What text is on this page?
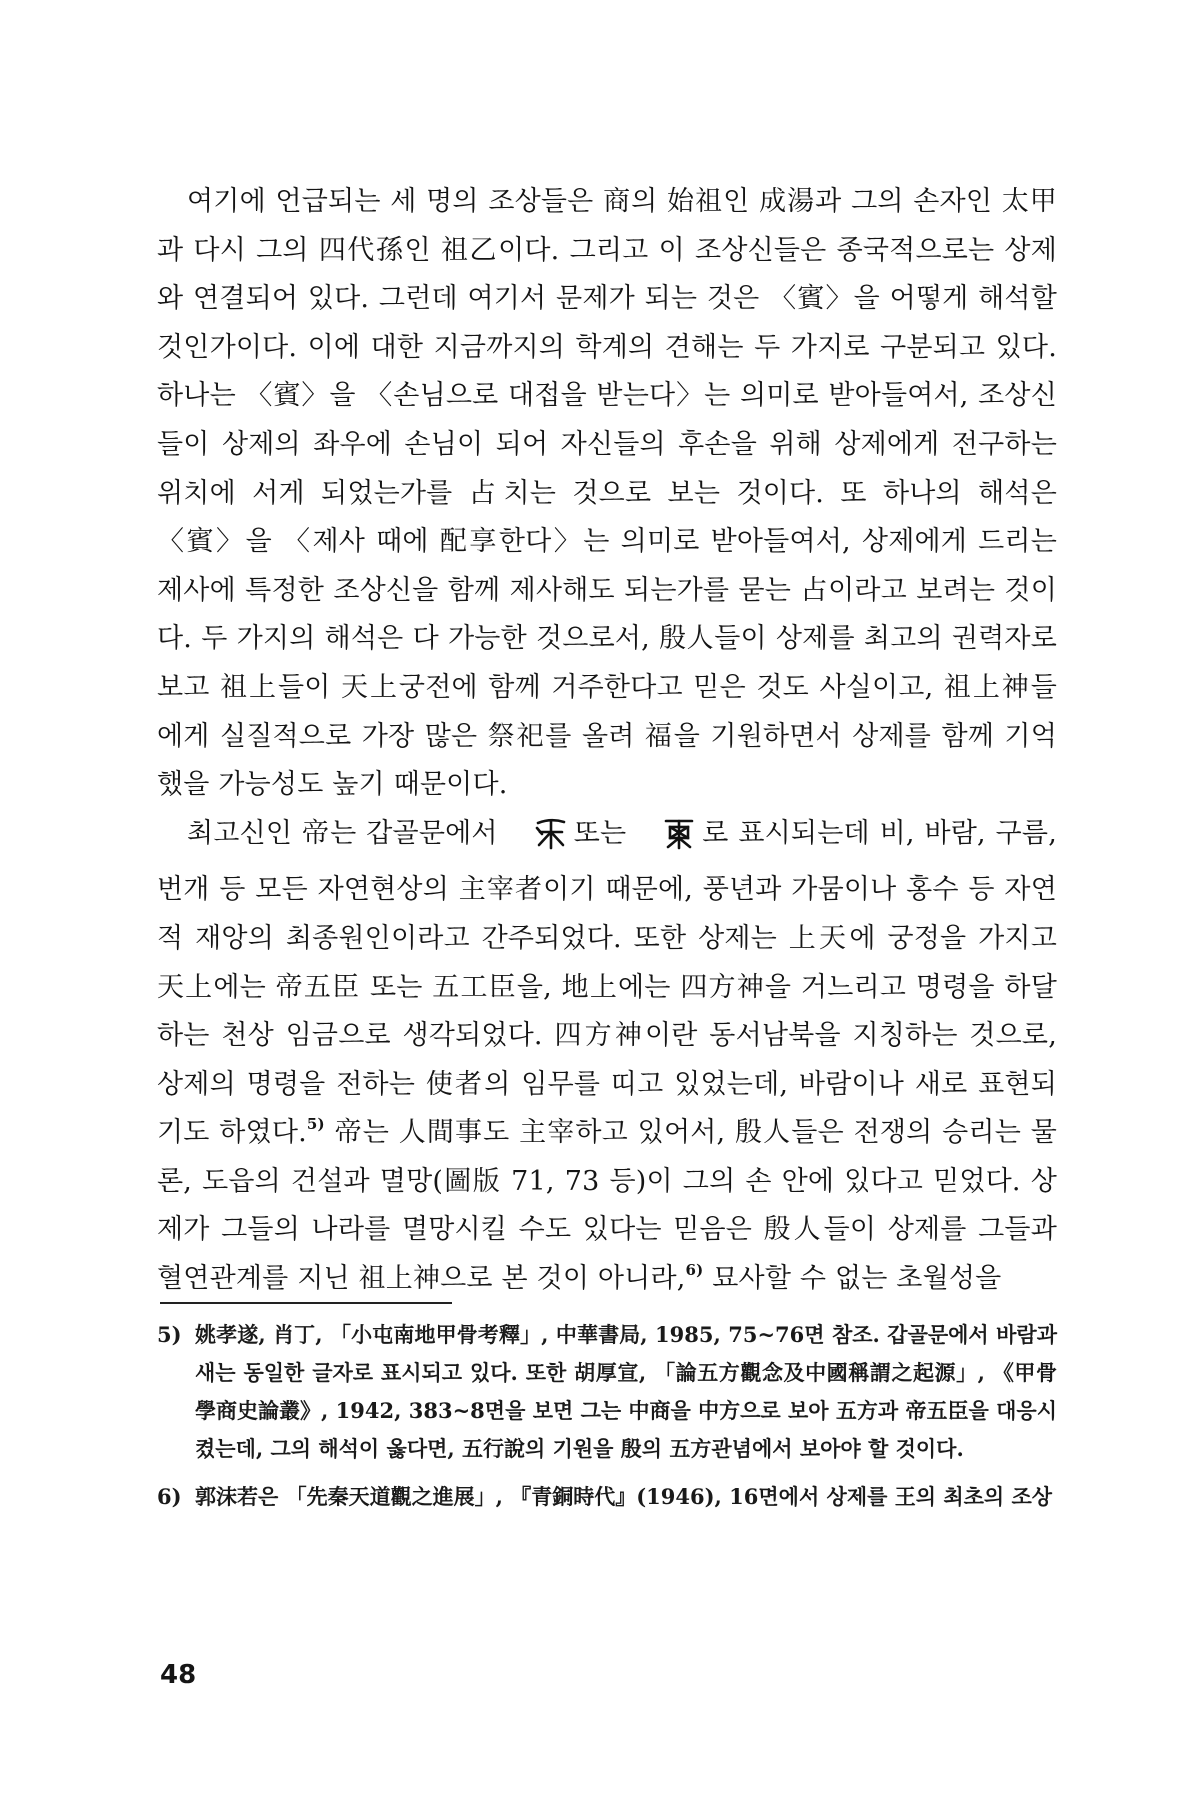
여기에 언급되는 세 명의 조상들은 商의 始祖인 成湯과 그의 손자인 太甲과 다시 그의 四代孫인 祖乙이다. 그리고 이 조상신들은 종국적으로는 상제와 연결되어 있다. 그런데 여기서 문제가 되는 것은 〈賓〉을 어떻게 해석할 것인가이다. 이에 대한 지금까지의 학계의 견해는 두 가지로 구분되고 있다. 하나는 〈賓〉을 〈손님으로 대접을 받는다〉는 의미로 받아들여서, 조상신들이 상제의 좌우에 손님이 되어 자신들의 후손을 위해 상제에게 전구하는 위치에 서게 되었는가를 占치는 것으로 보는 것이다. 또 하나의 해석은 〈賓〉을 〈제사 때에 配享한다〉는 의미로 받아들여서, 상제에게 드리는 제사에 특정한 조상신을 함께 제사해도 되는가를 묻는 占이라고 보려는 것이다. 두 가지의 해석은 다 가능한 것으로서, 殷人들이 상제를 최고의 권력자로 보고 祖上들이 天上궁전에 함께 거주한다고 믿은 것도 사실이고, 祖上神들에게 실질적으로 가장 많은 祭祀를 올려 福을 기원하면서 상제를 함께 기억했을 가능성도 높기 때문이다.

최고신인 帝는 갑골문에서	또는	로 표시되는데 비, 바람, 구름, 번개 등 모든 자연현상의 主宰者이기 때문에, 풍년과 가뭄이나 홍수 등 자연적 재앙의 최종원인이라고 간주되었다. 또한 상제는 上天에 궁정을 가지고 天上에는 帝五臣 또는 五工臣을, 地上에는 四方神을 거느리고 명령을 하달하는 천상 임금으로 생각되었다. 四方神이란 동서남북을 지칭하는 것으로, 상제의 명령을 전하는 使者의 임무를 띠고 있었는데, 바람이나 새로 표현되기도 하였다.$^{5)}$ 帝는 人間事도 主宰하고 있어서, 殷人들은 전쟁의 승리는 물론, 도읍의 건설과 멸망(圖版 71, 73 등)이 그의 손 안에 있다고 믿었다. 상제가 그들의 나라를 멸망시킬 수도 있다는 믿음은 殷人들이 상제를 그들과 혈연관계를 지닌 祖上神으로 본 것이 아니라,$^{6)}$ 묘사할 수 없는 초월성을

5) 姚孝遂, 肖丁, 「小屯南地甲骨考釋」, 中華書局, 1985, 75~76면 참조. 갑골문에서 바람과 새는 동일한 글자로 표시되고 있다. 또한 胡厚宣, 「論五方觀念及中國稱謂之起源」, 《甲骨學商史論叢》, 1942, 383~8면을 보면 그는 中商을 中方으로 보아 五方과 帝五臣을 대응시켰는데, 그의 해석이 옳다면, 五行說의 기원을 殷의 五方관념에서 보아야 할 것이다.
6) 郭沫若은 「先秦天道觀之進展」, 『青銅時代』(1946), 16면에서 상제를 王의 최초의 조상
48
